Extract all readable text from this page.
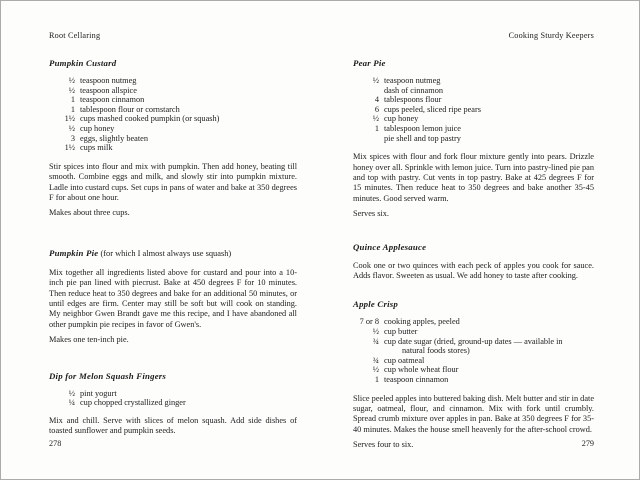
Root Cellaring
Pumpkin Custard
½ teaspoon nutmeg
½ teaspoon allspice
1 teaspoon cinnamon
1 tablespoon flour or cornstarch
1½ cups mashed cooked pumpkin (or squash)
½ cup honey
3 eggs, slightly beaten
1½ cups milk
Stir spices into flour and mix with pumpkin. Then add honey, beating till smooth. Combine eggs and milk, and slowly stir into pumpkin mixture. Ladle into custard cups. Set cups in pans of water and bake at 350 degrees F for about one hour.
Makes about three cups.
Pumpkin Pie (for which I almost always use squash)
Mix together all ingredients listed above for custard and pour into a 10-inch pie pan lined with piecrust. Bake at 450 degrees F for 10 minutes. Then reduce heat to 350 degrees and bake for an additional 50 minutes, or until edges are firm. Center may still be soft but will cook on standing. My neighbor Gwen Brandt gave me this recipe, and I have abandoned all other pumpkin pie recipes in favor of Gwen's.
Makes one ten-inch pie.
Dip for Melon Squash Fingers
½ pint yogurt
¼ cup chopped crystallized ginger
Mix and chill. Serve with slices of melon squash. Add side dishes of toasted sunflower and pumpkin seeds.
278
Cooking Sturdy Keepers
Pear Pie
½ teaspoon nutmeg
dash of cinnamon
4 tablespoons flour
6 cups peeled, sliced ripe pears
½ cup honey
1 tablespoon lemon juice
pie shell and top pastry
Mix spices with flour and fork flour mixture gently into pears. Drizzle honey over all. Sprinkle with lemon juice. Turn into pastry-lined pie pan and top with pastry. Cut vents in top pastry. Bake at 425 degrees F for 15 minutes. Then reduce heat to 350 degrees and bake another 35-45 minutes. Good served warm.
Serves six.
Quince Applesauce
Cook one or two quinces with each peck of apples you cook for sauce. Adds flavor. Sweeten as usual. We add honey to taste after cooking.
Apple Crisp
7 or 8 cooking apples, peeled
½ cup butter
¾ cup date sugar (dried, ground-up dates — available in
natural foods stores)
¾ cup oatmeal
½ cup whole wheat flour
1 teaspoon cinnamon
Slice peeled apples into buttered baking dish. Melt butter and stir in date sugar, oatmeal, flour, and cinnamon. Mix with fork until crumbly. Spread crumb mixture over apples in pan. Bake at 350 degrees F for 35-40 minutes. Makes the house smell heavenly for the after-school crowd.
Serves four to six.	279
